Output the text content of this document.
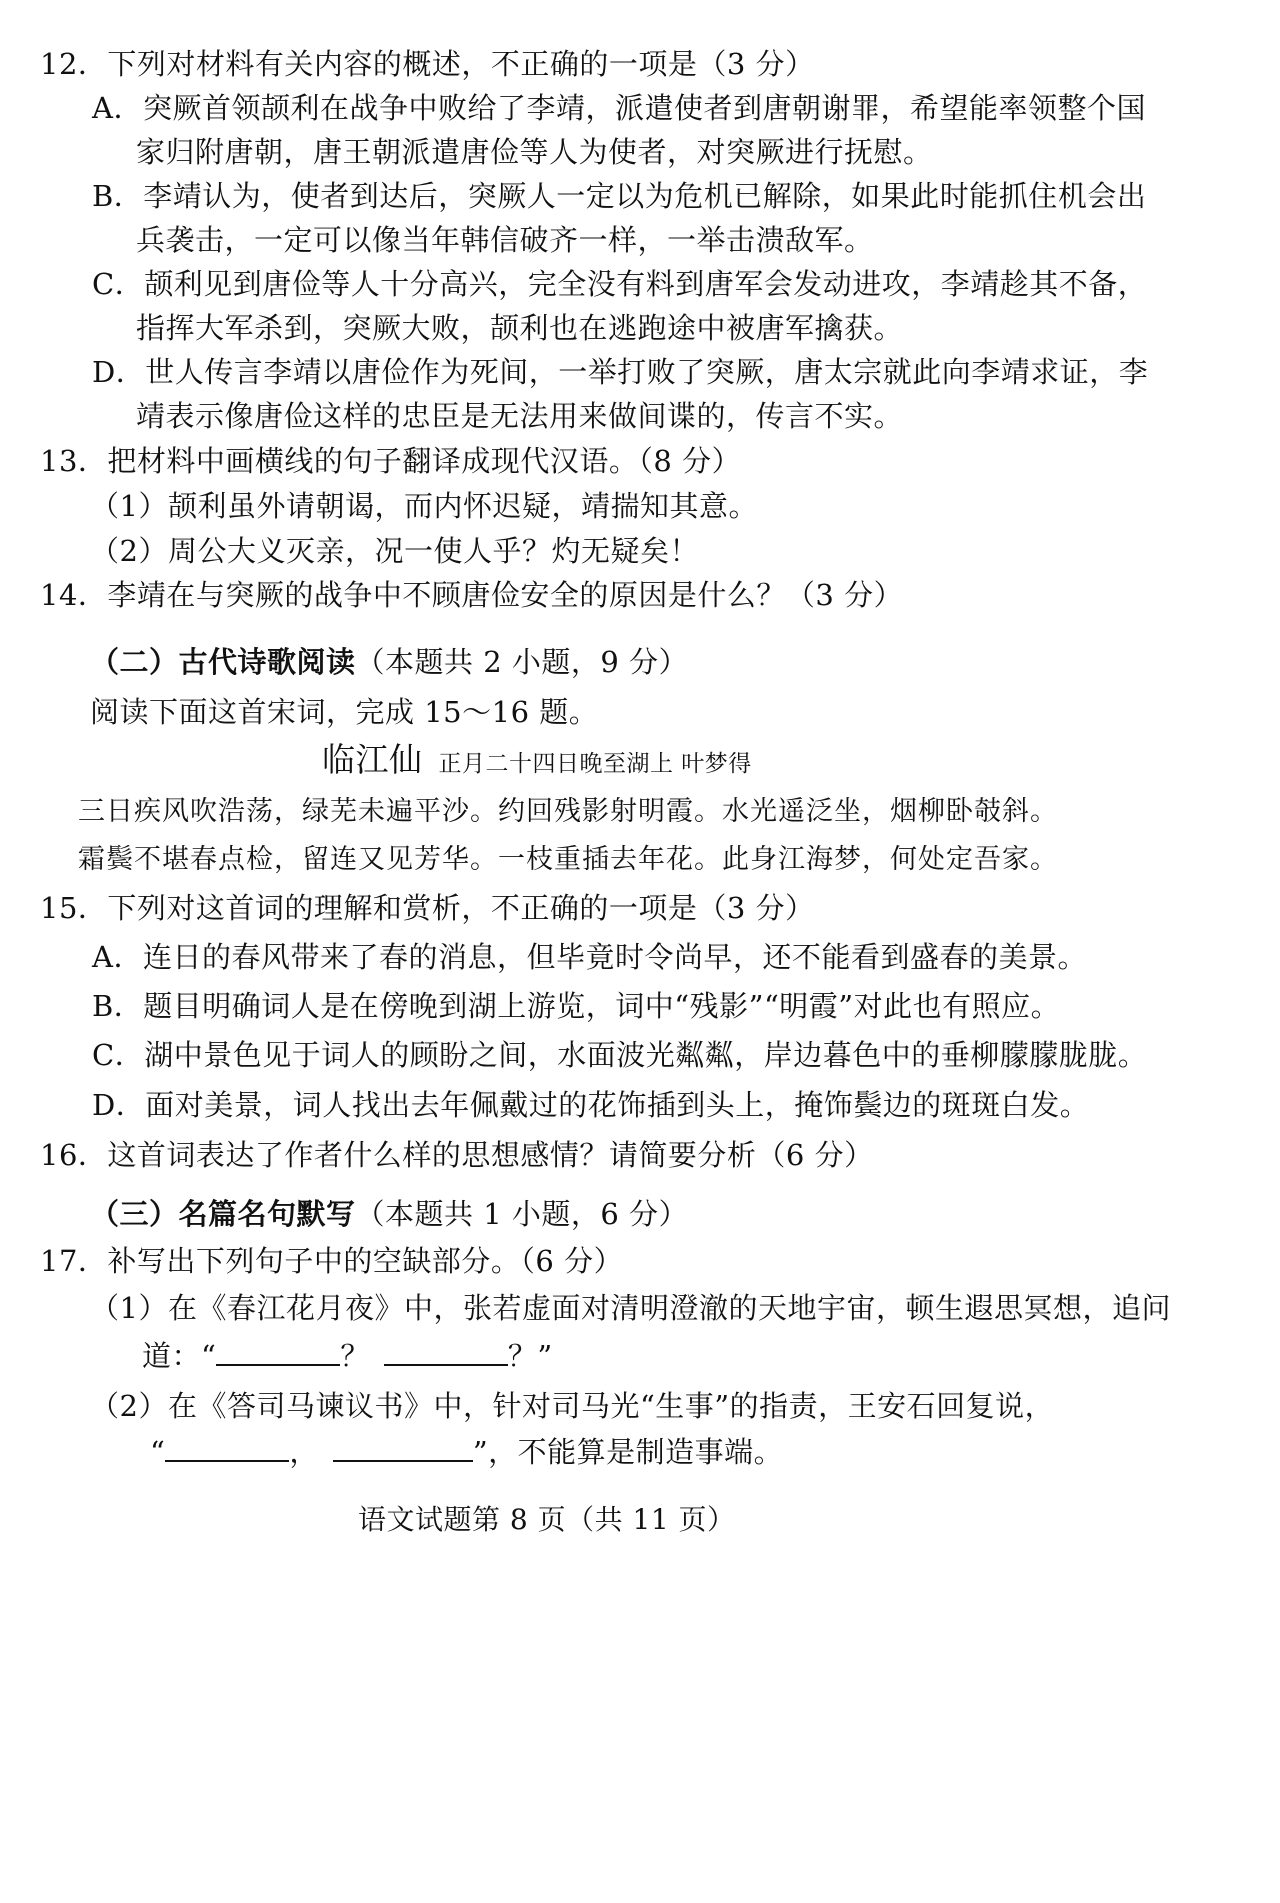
12．下列对材料有关内容的概述，不正确的一项是（3 分）
A．突厥首领颉利在战争中败给了李靖，派遣使者到唐朝谢罪，希望能率领整个国
家归附唐朝，唐王朝派遣唐俭等人为使者，对突厥进行抚慰。
B．李靖认为，使者到达后，突厥人一定以为危机已解除，如果此时能抓住机会出
兵袭击，一定可以像当年韩信破齐一样，一举击溃敌军。
C．颉利见到唐俭等人十分高兴，完全没有料到唐军会发动进攻，李靖趁其不备，
指挥大军杀到，突厥大败，颉利也在逃跑途中被唐军擒获。
D．世人传言李靖以唐俭作为死间，一举打败了突厥，唐太宗就此向李靖求证，李
靖表示像唐俭这样的忠臣是无法用来做间谍的，传言不实。
13．把材料中画横线的句子翻译成现代汉语。（8 分）
（1）颉利虽外请朝谒，而内怀迟疑，靖揣知其意。
（2）周公大义灭亲，况一使人乎？灼无疑矣！
14．李靖在与突厥的战争中不顾唐俭安全的原因是什么？（3 分）
（二）古代诗歌阅读（本题共 2 小题，9 分）
阅读下面这首宋词，完成 15～16 题。
临江仙 正月二十四日晚至湖上 叶梦得
三日疾风吹浩荡，绿芜未遍平沙。约回残影射明霞。水光遥泛坐，烟柳卧攲斜。
霜鬓不堪春点检，留连又见芳华。一枝重插去年花。此身江海梦，何处定吾家。
15．下列对这首词的理解和赏析，不正确的一项是（3 分）
A．连日的春风带来了春的消息，但毕竟时令尚早，还不能看到盛春的美景。
B．题目明确词人是在傍晚到湖上游览，词中“残影”“明霞”对此也有照应。
C．湖中景色见于词人的顾盼之间，水面波光粼粼，岸边暮色中的垂柳朦朦胧胧。
D．面对美景，词人找出去年佩戴过的花饰插到头上，掩饰鬓边的斑斑白发。
16．这首词表达了作者什么样的思想感情？请简要分析（6 分）
（三）名篇名句默写（本题共 1 小题，6 分）
17．补写出下列句子中的空缺部分。（6 分）
（1）在《春江花月夜》中，张若虚面对清明澄澈的天地宇宙，顿生遐思冥想，追问
道：“	？	？”
（2）在《答司马谏议书》中，针对司马光“生事”的指责，王安石回复说，
“	，	”，不能算是制造事端。
语文试题第 8 页（共 11 页）
